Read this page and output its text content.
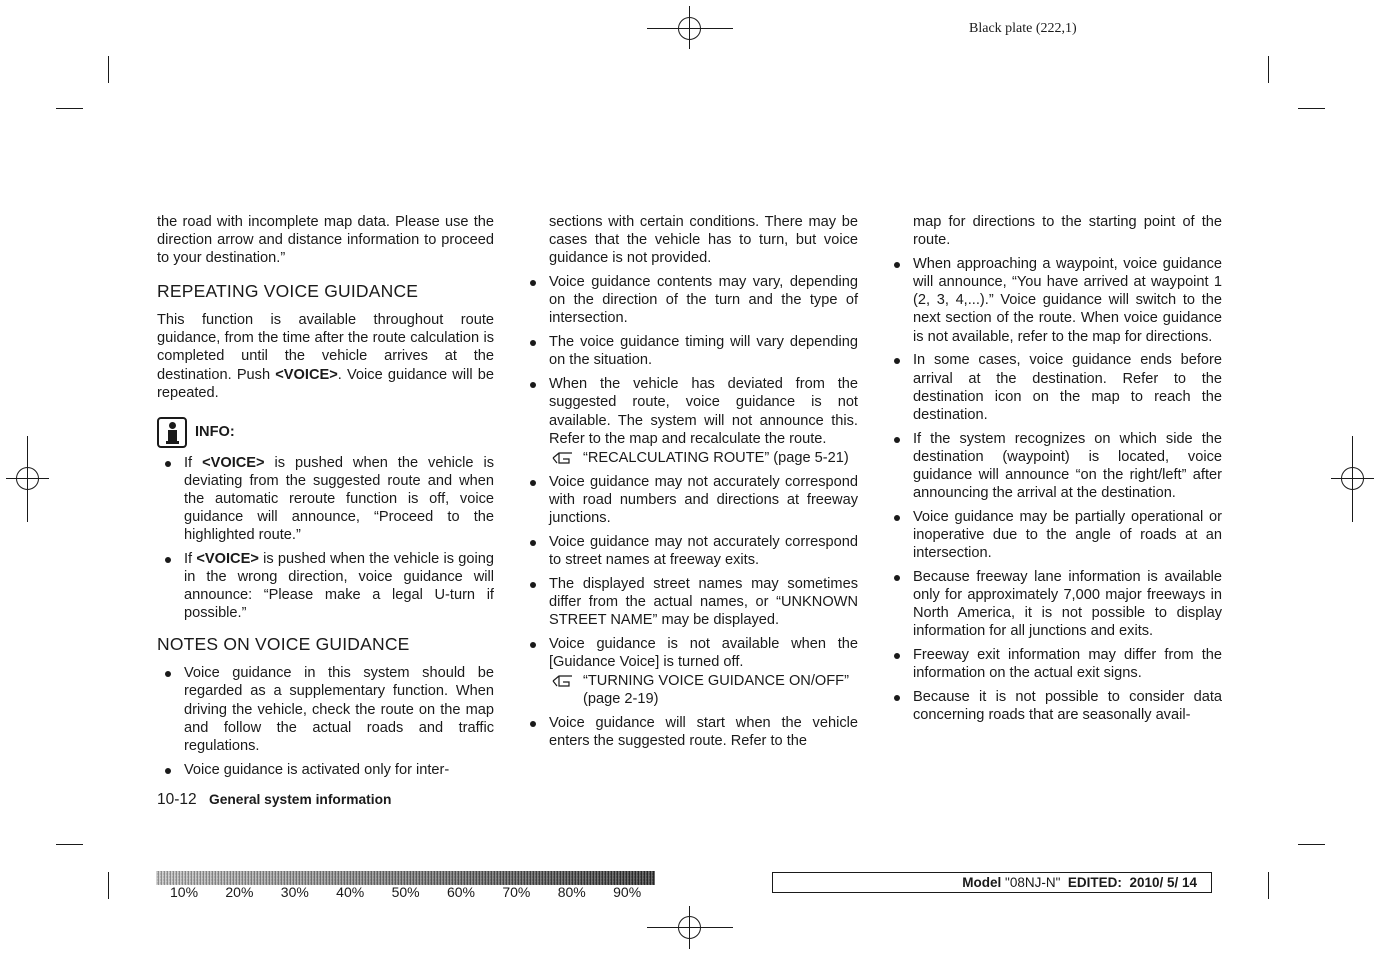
Black plate (222,1)

the road with incomplete map data. Please use the direction arrow and distance information to proceed to your destination.”

REPEATING VOICE GUIDANCE

This function is available throughout route guidance, from the time after the route calculation is completed until the vehicle arrives at the destination. Push <VOICE>. Voice guidance will be repeated.

INFO:
If <VOICE> is pushed when the vehicle is deviating from the suggested route and when the automatic reroute function is off, voice guidance will announce, “Proceed to the highlighted route.”
If <VOICE> is pushed when the vehicle is going in the wrong direction, voice guidance will announce: “Please make a legal U-turn if possible.”
NOTES ON VOICE GUIDANCE
Voice guidance in this system should be regarded as a supplementary function. When driving the vehicle, check the route on the map and follow the actual roads and traffic regulations.
Voice guidance is activated only for inter-

sections with certain conditions. There may be cases that the vehicle has to turn, but voice guidance is not provided.

Voice guidance contents may vary, depending on the direction of the turn and the type of intersection.
The voice guidance timing will vary depending on the situation.
When the vehicle has deviated from the suggested route, voice guidance is not available. The system will not announce this. Refer to the map and recalculate the route.
“RECALCULATING ROUTE” (page 5-21)
Voice guidance may not accurately correspond with road numbers and directions at freeway junctions.
Voice guidance may not accurately correspond to street names at freeway exits.
The displayed street names may sometimes differ from the actual names, or “UNKNOWN STREET NAME” may be displayed.
Voice guidance is not available when the [Guidance Voice] is turned off.
“TURNING VOICE GUIDANCE ON/OFF” (page 2-19)
Voice guidance will start when the vehicle enters the suggested route. Refer to the

map for directions to the starting point of the route.

When approaching a waypoint, voice guidance will announce, “You have arrived at waypoint 1 (2, 3, 4,...).” Voice guidance will switch to the next section of the route. When voice guidance is not available, refer to the map for directions.
In some cases, voice guidance ends before arrival at the destination. Refer to the destination icon on the map to reach the destination.
If the system recognizes on which side the destination (waypoint) is located, voice guidance will announce “on the right/left” after announcing the arrival at the destination.
Voice guidance may be partially operational or inoperative due to the angle of roads at an intersection.
Because freeway lane information is available only for approximately 7,000 major freeways in North America, it is not possible to display information for all junctions and exits.
Freeway exit information may differ from the information on the actual exit signs.
Because it is not possible to consider data concerning roads that are seasonally avail-
10-12 General system information
10%	20%	30%	40%	50%	60%	70%	80%	90%
Model "08NJ-N" EDITED: 2010/ 5/ 14
